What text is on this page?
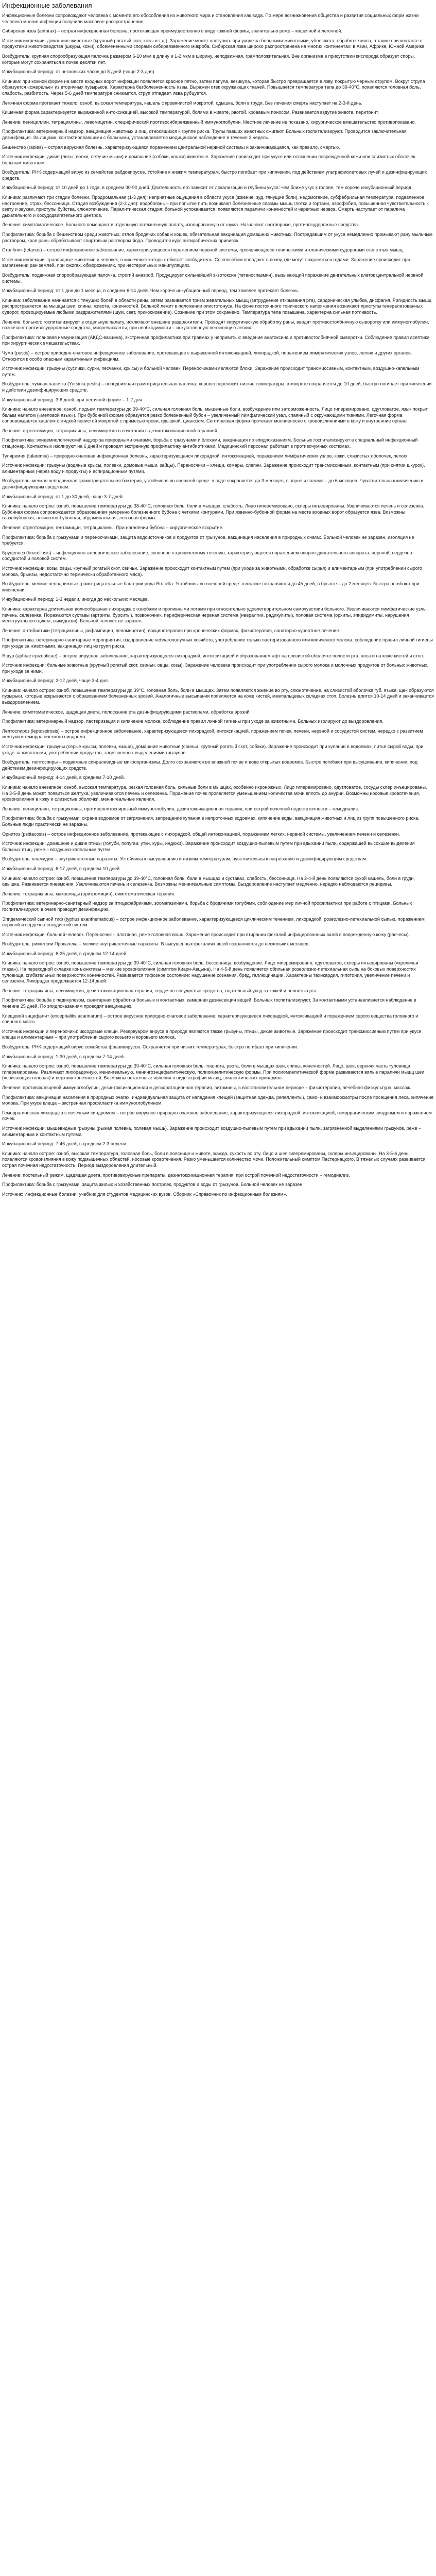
Инфекционные заболевания

Инфекционные болезни сопровождают человека с момента его обособления из животного мира и становления как вида. По мере возникновения общества и развития социальных форм жизни человека многие инфекции получили массовое распространение.

Сибирская язва (anthrax) – острая инфекционная болезнь, протекающая преимущественно в виде кожной формы, значительно реже – кишечной и легочной.

Источник инфекции: домашние животные (крупный рогатый скот, козы и т.д.). Заражение может наступить при уходе за больными животными, убое скота, обработке мяса, а также при контакте с продуктами животноводства (шкуры, кожи), обсемененными спорами сибиреязвенного микроба. Сибирская язва широко распространена на многих континентах: в Азии, Африке, Южной Америке.

Возбудитель: крупная спорообразующая палочка размером 6-10 мкм в длину и 1-2 мкм в ширину, неподвижная, грамположительная. Вне организма в присутствии кислорода образует споры, которые могут сохраняться в почве десятки лет.

Инкубационный период: от нескольких часов до 8 дней (чаще 2-3 дня).

Клиника: при кожной форме на месте входных ворот инфекции появляется красное пятно, затем папула, везикула, которая быстро превращается в язву, покрытую черным струпом. Вокруг струпа образуется «ожерелье» из вторичных пузырьков. Характерна безболезненность язвы. Выражен отек окружающих тканей. Повышается температура тела до 39-40°С, появляются головная боль, слабость, разбитость. Через 5-6 дней температура снижается, струп отпадает, язва рубцуется.

Легочная форма протекает тяжело: озноб, высокая температура, кашель с кровянистой мокротой, одышка, боли в груди. Без лечения смерть наступает на 2-3-й день.

Кишечная форма характеризуется выраженной интоксикацией, высокой температурой, болями в животе, рвотой, кровавым поносом. Развивается вздутие живота, перитонит.

Лечение: пенициллин, тетрациклины, левомицетин, специфический противосибиреязвенный иммуноглобулин. Местное лечение не показано, хирургическое вмешательство противопоказано.

Профилактика: ветеринарный надзор, вакцинация животных и лиц, относящихся к группе риска. Трупы павших животных сжигают. Больных госпитализируют. Проводится заключительная дезинфекция. За лицами, контактировавшими с больными, устанавливается медицинское наблюдение в течение 2 недель.

Бешенство (rabies) – острая вирусная болезнь, характеризующаяся поражением центральной нервной системы и заканчивающаяся, как правило, смертью.

Источник инфекции: дикие (лисы, волки, летучие мыши) и домашние (собаки, кошки) животные. Заражение происходит при укусе или ослюнении поврежденной кожи или слизистых оболочек больным животным.

Возбудитель: РНК-содержащий вирус из семейства рабдовирусов. Устойчив к низким температурам, быстро погибает при кипячении, под действием ультрафиолетовых лучей и дезинфицирующих средств.

Инкубационный период: от 10 дней до 1 года, в среднем 30-90 дней. Длительность его зависит от локализации и глубины укуса: чем ближе укус к голове, тем короче инкубационный период.

Клиника: различают три стадии болезни. Продромальная (1-3 дня): неприятные ощущения в области укуса (жжение, зуд, тянущие боли), недомогание, субфебрильная температура, подавленное настроение, страх, бессонница. Стадия возбуждения (2-3 дня): водобоязнь – при попытке пить возникают болезненные спазмы мышц глотки и гортани, аэрофобия, повышенная чувствительность к свету и звукам, приступы буйства, слюнотечение. Паралитическая стадия: больной успокаивается, появляются параличи конечностей и черепных нервов. Смерть наступает от паралича дыхательного и сосудодвигательного центров.

Лечение: симптоматическое. Больного помещают в отдельную затемненную палату, изолированную от шума. Назначают снотворные, противосудорожные средства.

Профилактика: борьба с бешенством среди животных, отлов бродячих собак и кошек, обязательная вакцинация домашних животных. Пострадавшим от укуса немедленно промывают рану мыльным раствором, края раны обрабатывают спиртовым раствором йода. Проводится курс антирабических прививок.

Столбняк (tetanus) – острое инфекционное заболевание, характеризующееся поражением нервной системы, проявляющееся тоническими и клоническими судорогами скелетных мышц.

Источник инфекции: травоядные животные и человек, в кишечнике которых обитает возбудитель. Со способом попадают в почву, где могут сохраняться годами. Заражение происходит при загрязнении ран землей, при ожогах, обморожениях, при нестерильных манипуляциях.

Возбудитель: подвижная спорообразующая палочка, строгий анаэроб. Продуцирует сильнейший экзотоксин (тетаноспазмин), вызывающий поражение двигательных клеток центральной нервной системы.

Инкубационный период: от 1 дня до 1 месяца, в среднем 6-14 дней. Чем короче инкубационный период, тем тяжелее протекает болезнь.

Клиника: заболевание начинается с тянущих болей в области раны, затем развивается тризм жевательных мышц (затруднение открывания рта), сардоническая улыбка, дисфагия. Ригидность мышц распространяется на мышцы шеи, спины, живота, конечностей. Больной лежит в положении опистотонуса. На фоне постоянного тонического напряжения возникают приступы генерализованных судорог, провоцируемые любыми раздражителями (шум, свет, прикосновение). Сознание при этом сохранено. Температура тела повышена, характерна сильная потливость.

Лечение: больного госпитализируют в отдельную палату, исключают внешние раздражители. Проводят хирургическую обработку раны, вводят противостолбнячную сыворотку или иммуноглобулин, назначают противосудорожные средства, миорелаксанты, при необходимости – искусственную вентиляцию легких.

Профилактика: плановая иммунизация (АКДС-вакцина), экстренная профилактика при травмах у непривитых: введение анатоксина и противостолбнячной сыворотки. Соблюдение правил асептики при хирургических вмешательствах.

Чума (pestis) – острое природно-очаговое инфекционное заболевание, протекающее с выраженной интоксикацией, лихорадкой, поражением лимфатических узлов, легких и других органов. Относится к особо опасным карантинным инфекциям.

Источник инфекции: грызуны (суслики, сурки, песчанки, крысы) и больной человек. Переносчиками являются блохи. Заражение происходит трансмиссивным, контактным, воздушно-капельным путем.

Возбудитель: чумная палочка (Yersinia pestis) – неподвижная грамотрицательная палочка, хорошо переносит низкие температуры, в мокроте сохраняется до 10 дней, быстро погибает при кипячении и действии дезинфицирующих средств.

Инкубационный период: 3-6 дней, при легочной форме – 1-2 дня.

Клиника: начало внезапное: озноб, подъем температуры до 39-40°С, сильная головная боль, мышечные боли, возбуждение или заторможенность. Лицо гиперемировано, одутловатое, язык покрыт белым налетом («меловой язык»). При бубонной форме образуется резко болезненный бубон – увеличенный лимфатический узел, спаянный с окружающими тканями. Легочная форма сопровождается кашлем с жидкой пенистой мокротой с примесью крови, одышкой, цианозом. Септическая форма протекает молниеносно с кровоизлияниями в кожу и внутренние органы.

Лечение: стрептомицин, тетрациклины, левомицетин в сочетании с дезинтоксикационной терапией.

Профилактика: эпидемиологический надзор за природными очагами, борьба с грызунами и блохами, вакцинация по эпидпоказаниям. Больных госпитализируют в специальный инфекционный стационар. Контактных изолируют на 6 дней и проводят экстренную профилактику антибиотиками. Медицинский персонал работает в противочумных костюмах.

Туляремия (tularemia) – природно-очаговая инфекционная болезнь, характеризующаяся лихорадкой, интоксикацией, поражением лимфатических узлов, кожи, слизистых оболочек, легких.

Источник инфекции: грызуны (водяные крысы, полевки, домовые мыши, зайцы). Переносчики – клещи, комары, слепни. Заражение происходит трансмиссивным, контактным (при снятии шкурок), алиментарным (через воду и продукты) и аспирационным путями.

Возбудитель: мелкая неподвижная грамотрицательная бактерия, устойчивая во внешней среде: в воде сохраняется до 3 месяцев, в зерне и соломе – до 6 месяцев. Чувствительна к кипячению и дезинфицирующим средствам.

Инкубационный период: от 1 до 30 дней, чаще 3-7 дней.

Клиника: начало острое: озноб, повышение температуры до 38-40°С, головная боль, боли в мышцах, слабость. Лицо гиперемировано, склеры инъецированы. Увеличиваются печень и селезенка. Бубонная форма сопровождается образованием умеренно болезненного бубона с четкими контурами. При язвенно-бубонной форме на месте входных ворот образуется язва. Возможны глазобубонная, ангинозно-бубонная, абдоминальная, легочная формы.

Лечение: стрептомицин, гентамицин, тетрациклины. При нагноении бубона – хирургическое вскрытие.

Профилактика: борьба с грызунами и переносчиками, защита водоисточников и продуктов от грызунов, вакцинация населения в природных очагах. Больной человек не заразен, изоляция не требуется.

Бруцеллез (brucellosis) – инфекционно-аллергическое заболевание, склонное к хроническому течению, характеризующееся поражением опорно-двигательного аппарата, нервной, сердечно-сосудистой и половой систем.

Источник инфекции: козы, овцы, крупный рогатый скот, свиньи. Заражение происходит контактным путем (при уходе за животными, обработке сырья) и алиментарным (при употреблении сырого молока, брынзы, недостаточно термически обработанного мяса).

Возбудитель: мелкие неподвижные грамотрицательные бактерии рода Brucella. Устойчивы во внешней среде: в молоке сохраняются до 45 дней, в брынзе – до 2 месяцев. Быстро погибают при кипячении.

Инкубационный период: 1-3 недели, иногда до нескольких месяцев.

Клиника: характерна длительная волнообразная лихорадка с ознобами и проливными потами при относительно удовлетворительном самочувствии больного. Увеличиваются лимфатические узлы, печень, селезенка. Поражаются суставы (артриты, бурситы), позвоночник, периферическая нервная система (невралгии, радикулиты), половая система (орхиты, эпидидимиты, нарушения менструального цикла, выкидыши). Больной человек не заразен.

Лечение: антибиотики (тетрациклины, рифампицин, левомицетин), вакцинотерапия при хронических формах, физиотерапия, санаторно-курортное лечение.

Профилактика: ветеринарно-санитарные мероприятия, оздоровление неблагополучных хозяйств, употребление только пастеризованного или кипяченого молока, соблюдение правил личной гигиены при уходе за животными, вакцинация лиц из групп риска.

Ящур (aphtae epizooticae) – острое вирусное заболевание, характеризующееся лихорадкой, интоксикацией и образованием афт на слизистой оболочке полости рта, носа и на коже кистей и стоп.

Источник инфекции: больные животные (крупный рогатый скот, свиньи, овцы, козы). Заражение человека происходит при употреблении сырого молока и молочных продуктов от больных животных, при уходе за ними.

Инкубационный период: 2-12 дней, чаще 3-4 дня.

Клиника: начало острое: озноб, повышение температуры до 39°С, головная боль, боли в мышцах. Затем появляются жжение во рту, слюнотечение, на слизистой оболочке губ, языка, щек образуются пузырьки, которые вскрываются с образованием болезненных эрозий. Аналогичные высыпания появляются на коже кистей, межпальцевых складках стоп. Болезнь длится 10-14 дней и заканчивается выздоровлением.

Лечение: симптоматическое, щадящая диета, полоскание рта дезинфицирующими растворами, обработка эрозий.

Профилактика: ветеринарный надзор, пастеризация и кипячение молока, соблюдение правил личной гигиены при уходе за животными. Больных изолируют до выздоровления.

Лептоспироз (leptospirosis) – острое инфекционное заболевание, характеризующееся лихорадкой, интоксикацией, поражением почек, печени, нервной и сосудистой систем, нередко с развитием желтухи и геморрагического синдрома.

Источник инфекции: грызуны (серые крысы, полевки, мыши), домашние животные (свиньи, крупный рогатый скот, собаки). Заражение происходит при купании в водоемах, питье сырой воды, при уходе за животными, употреблении продуктов, загрязненных выделениями грызунов.

Возбудитель: лептоспиры – подвижные спиралевидные микроорганизмы. Долго сохраняются во влажной почве и воде открытых водоемов. Быстро погибают при высушивании, кипячении, под действием дезинфицирующих средств.

Инкубационный период: 4-14 дней, в среднем 7-10 дней.

Клиника: начало внезапное: озноб, высокая температура, резкая головная боль, сильные боли в мышцах, особенно икроножных. Лицо гиперемировано, одутловатое, сосуды склер инъецированы. На 3-5-й день может появиться желтуха, увеличиваются печень и селезенка. Поражение почек проявляется уменьшением количества мочи вплоть до анурии. Возможны носовые кровотечения, кровоизлияния в кожу и слизистые оболочки, менингеальные явления.

Лечение: пенициллин, тетрациклины, противолептоспирозный иммуноглобулин, дезинтоксикационная терапия, при острой почечной недостаточности – гемодиализ.

Профилактика: борьба с грызунами, охрана водоемов от загрязнения, запрещение купания в непроточных водоемах, кипячение воды, вакцинация животных и лиц из групп повышенного риска. Больные люди практически не заразны.

Орнитоз (psittacosis) – острое инфекционное заболевание, протекающее с лихорадкой, общей интоксикацией, поражением легких, нервной системы, увеличением печени и селезенки.

Источник инфекции: домашние и дикие птицы (голуби, попугаи, утки, куры, индюки). Заражение происходит воздушно-пылевым путем при вдыхании пыли, содержащей высохшие выделения больных птиц, реже – воздушно-капельным путем.

Возбудитель: хламидии – внутриклеточные паразиты. Устойчивы к высушиванию и низким температурам, чувствительны к нагреванию и дезинфицирующим средствам.

Инкубационный период: 6-17 дней, в среднем 10 дней.

Клиника: начало острое: озноб, повышение температуры до 39-40°С, головная боль, боли в мышцах и суставах, слабость, бессонница. На 2-4-й день появляются сухой кашель, боли в груди, одышка. Развивается пневмония. Увеличиваются печень и селезенка. Возможны менингеальные симптомы. Выздоровление наступает медленно, нередко наблюдаются рецидивы.

Лечение: тетрациклины, макролиды (эритромицин), симптоматическая терапия.

Профилактика: ветеринарно-санитарный надзор за птицефабриками, зоомагазинами, борьба с бродячими голубями, соблюдение мер личной профилактики при работе с птицами. Больных госпитализируют, в очаге проводят дезинфекцию.

Эпидемический сыпной тиф (typhus exanthematicus) – острое инфекционное заболевание, характеризующееся циклическим течением, лихорадкой, розеолезно-петехиальной сыпью, поражением нервной и сердечно-сосудистой систем.

Источник инфекции: больной человек. Переносчик – платяная, реже головная вошь. Заражение происходит при втирании фекалий инфицированных вшей в поврежденную кожу (расчесы).

Возбудитель: риккетсии Провачека – мелкие внутриклеточные паразиты. В высушенных фекалиях вшей сохраняются до нескольких месяцев.

Инкубационный период: 6-25 дней, в среднем 12-14 дней.

Клиника: начало острое: озноб, повышение температуры до 39-40°С, сильная головная боль, бессонница, возбуждение. Лицо гиперемировано, одутловатое, склеры инъецированы («кроличьи глаза»). На переходной складке конъюнктивы – мелкие кровоизлияния (симптом Киари-Авцына). На 4-5-й день появляется обильная розеолезно-петехиальная сыпь на боковых поверхностях туловища, сгибательных поверхностях конечностей. Развивается тифозное состояние: нарушение сознания, бред, галлюцинации. Характерны тахикардия, гипотония, увеличение печени и селезенки. Лихорадка продолжается 12-14 дней.

Лечение: тетрациклины, левомицетин, дезинтоксикационная терапия, сердечно-сосудистые средства, тщательный уход за кожей и полостью рта.

Профилактика: борьба с педикулезом, санитарная обработка больных и контактных, камерная дезинсекция вещей. Больных госпитализируют. За контактными устанавливается наблюдение в течение 25 дней. По эпидпоказаниям проводят вакцинацию.

Клещевой энцефалит (encephalitis acarinarum) – острое вирусное природно-очаговое заболевание, характеризующееся лихорадкой, интоксикацией и поражением серого вещества головного и спинного мозга.

Источник инфекции и переносчики: иксодовые клещи. Резервуаром вируса в природе являются также грызуны, птицы, дикие животные. Заражение происходит трансмиссивным путем при укусе клеща и алиментарным – при употреблении сырого козьего и коровьего молока.

Возбудитель: РНК-содержащий вирус семейства флавивирусов. Сохраняется при низких температурах, быстро погибает при кипячении.

Инкубационный период: 1-30 дней, в среднем 7-14 дней.

Клиника: начало острое: озноб, повышение температуры до 39-40°С, сильная головная боль, тошнота, рвота, боли в мышцах шеи, спины, конечностей. Лицо, шея, верхняя часть туловища гиперемированы. Различают лихорадочную, менингеальную, менингоэнцефалитическую, полиомиелитическую формы. При полиомиелитической форме развиваются вялые параличи мышц шеи («свисающая голова») и верхних конечностей. Возможны остаточные явления в виде атрофии мышц, эпилептических припадков.

Лечение: противоклещевой иммуноглобулин, дезинтоксикационная и дегидратационная терапия, витамины, в восстановительном периоде – физиотерапия, лечебная физкультура, массаж.

Профилактика: вакцинация населения в природных очагах, индивидуальная защита от нападения клещей (защитная одежда, репелленты), само- и взаимоосмотры после посещения леса, кипячение молока. При укусе клеща – экстренная профилактика иммуноглобулином.

Геморрагическая лихорадка с почечным синдромом – острое вирусное природно-очаговое заболевание, характеризующееся лихорадкой, интоксикацией, геморрагическим синдромом и поражением почек.

Источник инфекции: мышевидные грызуны (рыжая полевка, полевая мышь). Заражение происходит воздушно-пылевым путем при вдыхании пыли, загрязненной выделениями грызунов, реже – алиментарным и контактным путями.

Инкубационный период: 7-46 дней, в среднем 2-3 недели.

Клиника: начало острое: озноб, высокая температура, головная боль, боли в пояснице и животе, жажда, сухость во рту. Лицо и шея гиперемированы, склеры инъецированы. На 3-5-й день появляются кровоизлияния в кожу подмышечных областей, носовые кровотечения. Резко уменьшается количество мочи. Положительный симптом Пастернацкого. В тяжелых случаях развивается острая почечная недостаточность. Период выздоровления длительный.

Лечение: постельный режим, щадящая диета, противовирусные препараты, дезинтоксикационная терапия, при острой почечной недостаточности – гемодиализ.

Профилактика: борьба с грызунами, защита жилых и хозяйственных построек, продуктов и воды от грызунов. Больной человек не заразен.

Источник: Инфекционные болезни: учебник для студентов медицинских вузов. Сборник «Справочник по инфекционным болезням».
